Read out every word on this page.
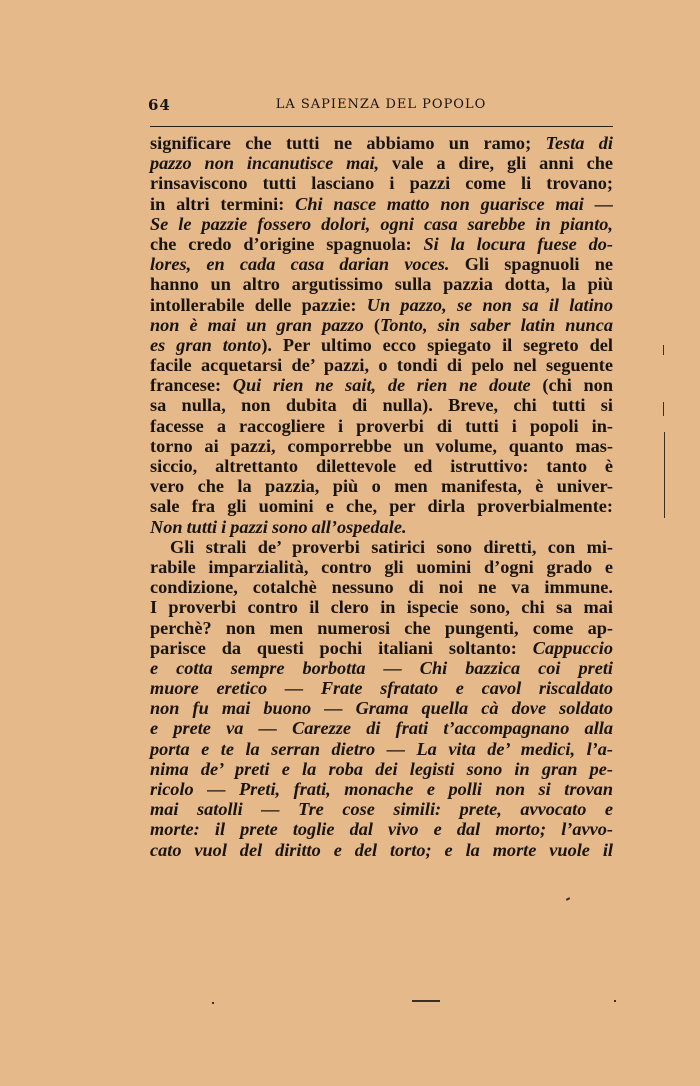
64	LA SAPIENZA DEL POPOLO
significare che tutti ne abbiamo un ramo; Testa di
pazzo non incanutisce mai, vale a dire, gli anni che
rinsaviscono tutti lasciano i pazzi come li trovano;
in altri termini: Chi nasce matto non guarisce mai —
Se le pazzie fossero dolori, ogni casa sarebbe in pianto,
che credo d’origine spagnuola: Si la locura fuese do-
lores, en cada casa darian voces. Gli spagnuoli ne
hanno un altro argutissimo sulla pazzia dotta, la più
intollerabile delle pazzie: Un pazzo, se non sa il latino
non è mai un gran pazzo (Tonto, sin saber latin nunca
es gran tonto). Per ultimo ecco spiegato il segreto del
facile acquetarsi de’ pazzi, o tondi di pelo nel seguente
francese: Qui rien ne sait, de rien ne doute (chi non
sa nulla, non dubita di nulla). Breve, chi tutti si
facesse a raccogliere i proverbi di tutti i popoli in-
torno ai pazzi, comporrebbe un volume, quanto mas-
siccio, altrettanto dilettevole ed istruttivo: tanto è
vero che la pazzia, più o men manifesta, è univer-
sale fra gli uomini e che, per dirla proverbialmente:
Non tutti i pazzi sono all’ospedale.
Gli strali de’ proverbi satirici sono diretti, con mi-
rabile imparzialità, contro gli uomini d’ogni grado e
condizione, cotalchè nessuno di noi ne va immune.
I proverbi contro il clero in ispecie sono, chi sa mai
perchè? non men numerosi che pungenti, come ap-
parisce da questi pochi italiani soltanto: Cappuccio
e cotta sempre borbotta — Chi bazzica coi preti
muore eretico — Frate sfratato e cavol riscaldato
non fu mai buono — Grama quella cà dove soldato
e prete va — Carezze di frati t’accompagnano alla
porta e te la serran dietro — La vita de’ medici, l’a-
nima de’ preti e la roba dei legisti sono in gran pe-
ricolo — Preti, frati, monache e polli non si trovan
mai satolli — Tre cose simili: prete, avvocato e
morte: il prete toglie dal vivo e dal morto; l’avvo-
cato vuol del diritto e del torto; e la morte vuole il
